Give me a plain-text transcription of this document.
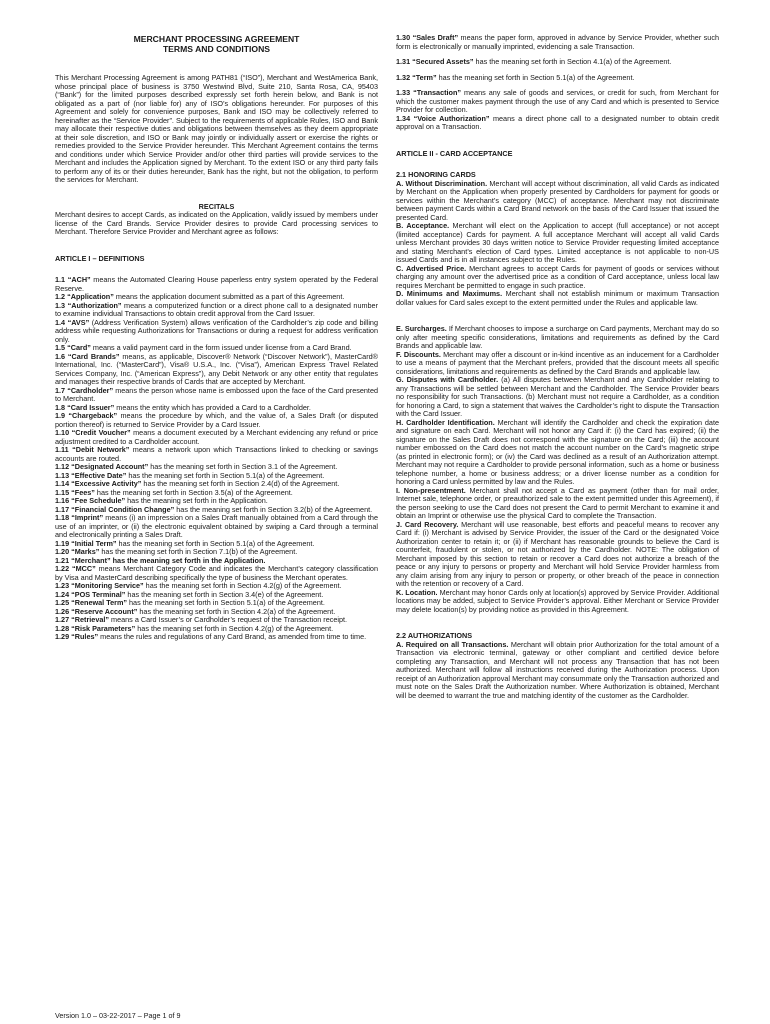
MERCHANT PROCESSING AGREEMENT

TERMS AND CONDITIONS

This Merchant Processing Agreement is among PATH81 (“ISO”), Merchant and WestAmerica Bank, whose principal place of business is 3750 Westwind Blvd, Suite 210, Santa Rosa, CA, 95403 (“Bank”) for the limited purposes described expressly set forth herein below, and Bank is not obligated as a part of (nor liable for) any of ISO’s obligations hereunder. For purposes of this Agreement and solely for convenience purposes, Bank and ISO may be collectively referred to hereinafter as the “Service Provider”. Subject to the requirements of applicable Rules, ISO and Bank may allocate their respective duties and obligations between themselves as they deem appropriate at their sole discretion, and ISO or Bank may jointly or individually assert or exercise the rights or remedies provided to the Service Provider hereunder. This Merchant Agreement contains the terms and conditions under which Service Provider and/or other third parties will provide services to the Merchant and includes the Application signed by Merchant. To the extent ISO or any third party fails to perform any of its or their duties hereunder, Bank has the right, but not the obligation, to perform the services for Merchant.

RECITALS

Merchant desires to accept Cards, as indicated on the Application, validly issued by members under license of the Card Brands. Service Provider desires to provide Card processing services to Merchant. Therefore Service Provider and Merchant agree as follows:

ARTICLE I – DEFINITIONS

1.1 “ACH” means the Automated Clearing House paperless entry system operated by the Federal Reserve.

1.2 “Application” means the application document submitted as a part of this Agreement.

1.3 “Authorization” means a computerized function or a direct phone call to a designated number to examine individual Transactions to obtain credit approval from the Card Issuer.

1.4 “AVS” (Address Verification System) allows verification of the Cardholder’s zip code and billing address while requesting Authorizations for Transactions or during a request for address verification only.

1.5 “Card” means a valid payment card in the form issued under license from a Card Brand.

1.6 “Card Brands” means, as applicable, Discover® Network (“Discover Network”), MasterCard® International, Inc. (“MasterCard”), Visa® U.S.A., Inc. (“Visa”), American Express Travel Related Services Company, Inc. (“American Express”), any Debit Network or any other entity that regulates and manages their respective brands of Cards that are accepted by Merchant.

1.7 “Cardholder” means the person whose name is embossed upon the face of the Card presented to Merchant.

1.8 “Card Issuer” means the entity which has provided a Card to a Cardholder.

1.9 “Chargeback” means the procedure by which, and the value of, a Sales Draft (or disputed portion thereof) is returned to Service Provider by a Card Issuer.

1.10 “Credit Voucher” means a document executed by a Merchant evidencing any refund or price adjustment credited to a Cardholder account.

1.11 “Debit Network” means a network upon which Transactions linked to checking or savings accounts are routed.

1.12 “Designated Account” has the meaning set forth in Section 3.1 of the Agreement.

1.13 “Effective Date” has the meaning set forth in Section 5.1(a) of the Agreement.

1.14 “Excessive Activity” has the meaning set forth in Section 2.4(d) of the Agreement.

1.15 “Fees” has the meaning set forth in Section 3.5(a) of the Agreement.

1.16 “Fee Schedule” has the meaning set forth in the Application.

1.17 “Financial Condition Change” has the meaning set forth in Section 3.2(b) of the Agreement.

1.18 “Imprint” means (i) an impression on a Sales Draft manually obtained from a Card through the use of an imprinter, or (ii) the electronic equivalent obtained by swiping a Card through a terminal and electronically printing a Sales Draft.

1.19 “Initial Term” has the meaning set forth in Section 5.1(a) of the Agreement.

1.20 “Marks” has the meaning set forth in Section 7.1(b) of the Agreement.

1.21 “Merchant” has the meaning set forth in the Application.

1.22 “MCC” means Merchant Category Code and indicates the Merchant’s category classification by Visa and MasterCard describing specifically the type of business the Merchant operates.

1.23 “Monitoring Service” has the meaning set forth in Section 4.2(g) of the Agreement.

1.24 “POS Terminal” has the meaning set forth in Section 3.4(e) of the Agreement.

1.25 “Renewal Term” has the meaning set forth in Section 5.1(a) of the Agreement.

1.26 “Reserve Account” has the meaning set forth in Section 4.2(a) of the Agreement.

1.27 “Retrieval” means a Card Issuer’s or Cardholder’s request of the Transaction receipt.

1.28 “Risk Parameters” has the meaning set forth in Section 4.2(g) of the Agreement.

1.29 “Rules” means the rules and regulations of any Card Brand, as amended from time to time.

1.30 “Sales Draft” means the paper form, approved in advance by Service Provider, whether such form is electronically or manually imprinted, evidencing a sale Transaction.

1.31 “Secured Assets” has the meaning set forth in Section 4.1(a) of the Agreement.

1.32 “Term” has the meaning set forth in Section 5.1(a) of the Agreement.

1.33 “Transaction” means any sale of goods and services, or credit for such, from Merchant for which the customer makes payment through the use of any Card and which is presented to Service Provider for collection.

1.34 “Voice Authorization” means a direct phone call to a designated number to obtain credit approval on a Transaction.

ARTICLE II - CARD ACCEPTANCE

2.1 HONORING CARDS

A. Without Discrimination. Merchant will accept without discrimination, all valid Cards as indicated by Merchant on the Application when properly presented by Cardholders for payment for goods or services within the Merchant’s category (MCC) of acceptance. Merchant may not discriminate between payment Cards within a Card Brand network on the basis of the Card Issuer that issued the presented Card.

B. Acceptance. Merchant will elect on the Application to accept (full acceptance) or not accept (limited acceptance) Cards for payment. A full acceptance Merchant will accept all valid Cards unless Merchant provides 30 days written notice to Service Provider requesting limited acceptance and stating Merchant’s election of Card types. Limited acceptance is not applicable to non-US issued Cards and is in all instances subject to the Rules.

C. Advertised Price. Merchant agrees to accept Cards for payment of goods or services without charging any amount over the advertised price as a condition of Card acceptance, unless local law requires Merchant be permitted to engage in such practice.

D. Minimums and Maximums. Merchant shall not establish minimum or maximum Transaction dollar values for Card sales except to the extent permitted under the Rules and applicable law.

E. Surcharges. If Merchant chooses to impose a surcharge on Card payments, Merchant may do so only after meeting specific considerations, limitations and requirements as defined by the Card Brands and applicable law.

F. Discounts. Merchant may offer a discount or in-kind incentive as an inducement for a Cardholder to use a means of payment that the Merchant prefers, provided that the discount meets all specific considerations, limitations and requirements as defined by the Card Brands and applicable law.

G. Disputes with Cardholder. (a) All disputes between Merchant and any Cardholder relating to any Transactions will be settled between Merchant and the Cardholder. The Service Provider bears no responsibility for such Transactions. (b) Merchant must not require a Cardholder, as a condition for honoring a Card, to sign a statement that waives the Cardholder’s right to dispute the Transaction with the Card Issuer.

H. Cardholder Identification. Merchant will identify the Cardholder and check the expiration date and signature on each Card. Merchant will not honor any Card if: (i) the Card has expired; (ii) the signature on the Sales Draft does not correspond with the signature on the Card; (iii) the account number embossed on the Card does not match the account number on the Card’s magnetic stripe (as printed in electronic form); or (iv) the Card was declined as a result of an Authorization attempt. Merchant may not require a Cardholder to provide personal information, such as a home or business telephone number, a home or business address; or a driver license number as a condition for honoring a Card unless permitted by law and the Rules.

I. Non-presentment. Merchant shall not accept a Card as payment (other than for mail order, Internet sale, telephone order, or preauthorized sale to the extent permitted under this Agreement), if the person seeking to use the Card does not present the Card to permit Merchant to examine it and obtain an Imprint or otherwise use the physical Card to complete the Transaction.

J. Card Recovery. Merchant will use reasonable, best efforts and peaceful means to recover any Card if: (i) Merchant is advised by Service Provider, the issuer of the Card or the designated Voice Authorization center to retain it; or (ii) if Merchant has reasonable grounds to believe the Card is counterfeit, fraudulent or stolen, or not authorized by the Cardholder. NOTE: The obligation of Merchant imposed by this section to retain or recover a Card does not authorize a breach of the peace or any injury to persons or property and Merchant will hold Service Provider harmless from any claim arising from any injury to person or property, or other breach of the peace in connection with the retention or recovery of a Card.

K. Location. Merchant may honor Cards only at location(s) approved by Service Provider. Additional locations may be added, subject to Service Provider’s approval. Either Merchant or Service Provider may delete location(s) by providing notice as provided in this Agreement.

2.2 AUTHORIZATIONS

A. Required on all Transactions. Merchant will obtain prior Authorization for the total amount of a Transaction via electronic terminal, gateway or other compliant and certified device before completing any Transaction, and Merchant will not process any Transaction that has not been authorized. Merchant will follow all instructions received during the Authorization process. Upon receipt of an Authorization approval Merchant may consummate only the Transaction authorized and must note on the Sales Draft the Authorization number. Where Authorization is obtained, Merchant will be deemed to warrant the true and matching identity of the customer as the Cardholder.

Version 1.0 – 03-22-2017 – Page 1 of 9
